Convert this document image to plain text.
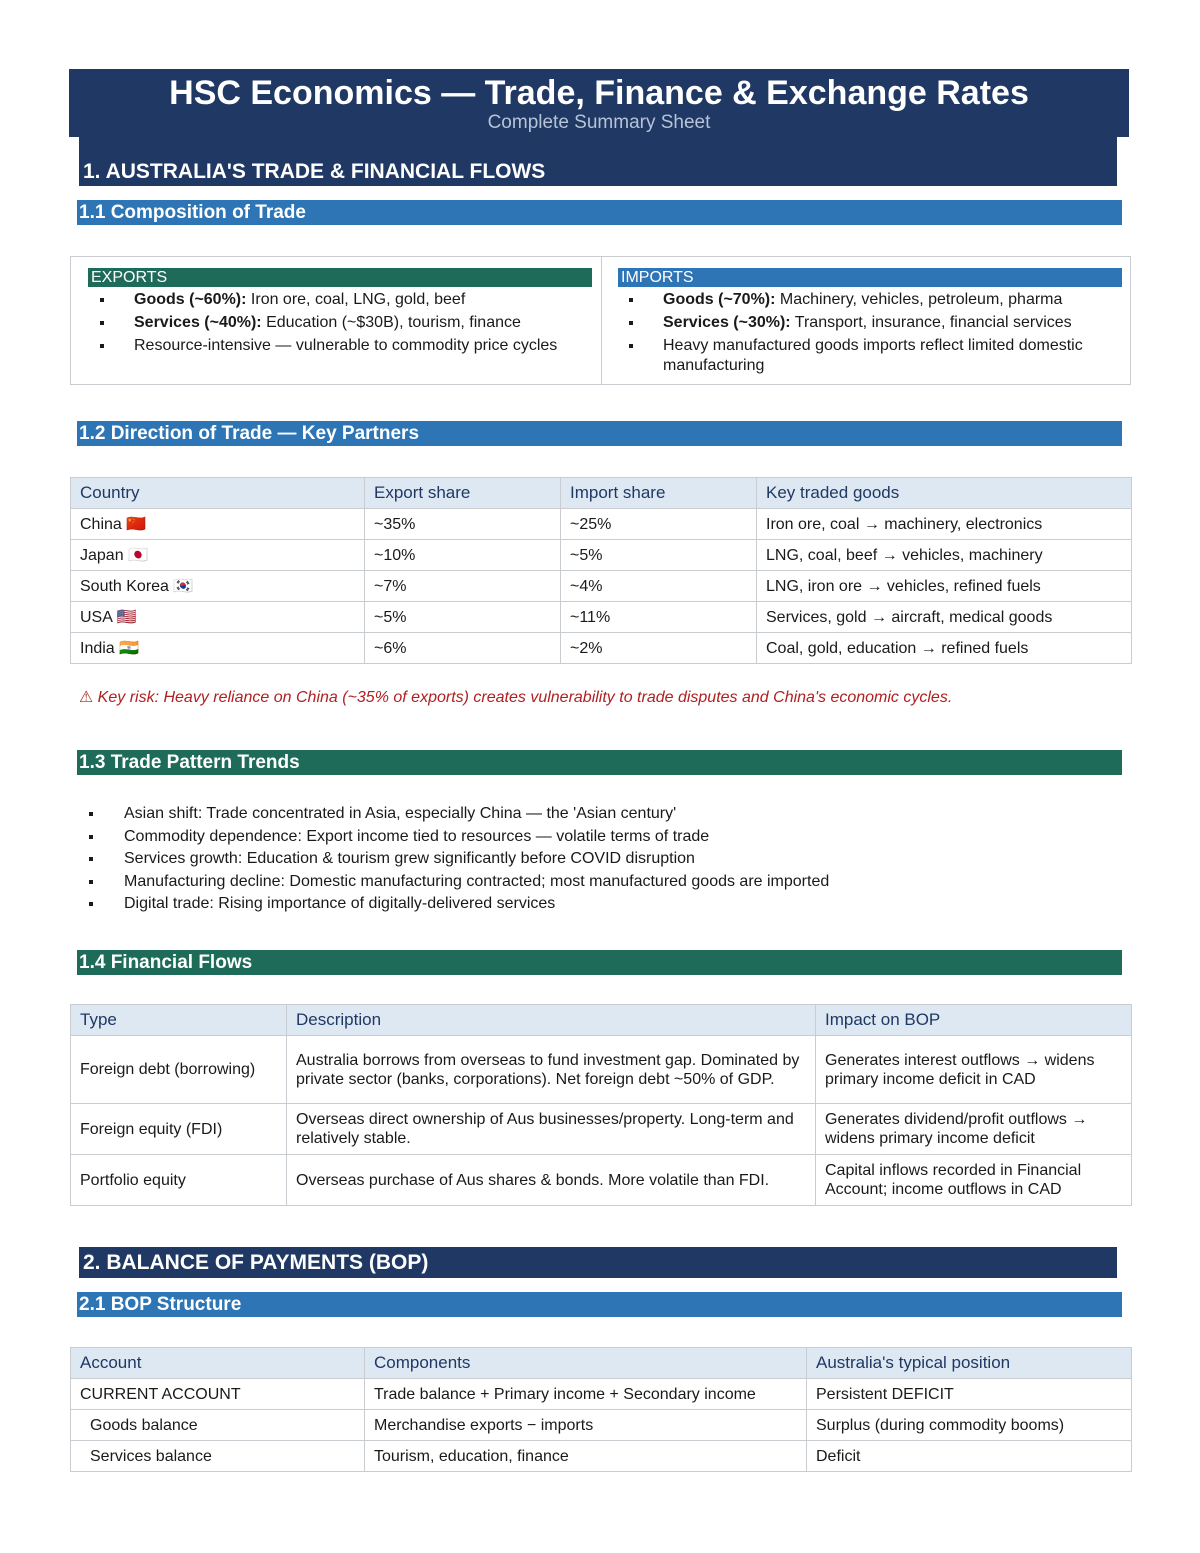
HSC Economics — Trade, Finance & Exchange Rates
Complete Summary Sheet
1. AUSTRALIA'S TRADE & FINANCIAL FLOWS
1.1 Composition of Trade
EXPORTS
Goods (~60%): Iron ore, coal, LNG, gold, beef
Services (~40%): Education (~$30B), tourism, finance
Resource-intensive — vulnerable to commodity price cycles
IMPORTS
Goods (~70%): Machinery, vehicles, petroleum, pharma
Services (~30%): Transport, insurance, financial services
Heavy manufactured goods imports reflect limited domestic manufacturing
1.2 Direction of Trade — Key Partners
Country	Export share	Import share	Key traded goods
China 🇨🇳	~35%	~25%	Iron ore, coal → machinery, electronics
Japan 🇯🇵	~10%	~5%	LNG, coal, beef → vehicles, machinery
South Korea 🇰🇷	~7%	~4%	LNG, iron ore → vehicles, refined fuels
USA 🇺🇸	~5%	~11%	Services, gold → aircraft, medical goods
India 🇮🇳	~6%	~2%	Coal, gold, education → refined fuels
⚠ Key risk: Heavy reliance on China (~35% of exports) creates vulnerability to trade disputes and China's economic cycles.
1.3 Trade Pattern Trends
Asian shift: Trade concentrated in Asia, especially China — the 'Asian century'
Commodity dependence: Export income tied to resources — volatile terms of trade
Services growth: Education & tourism grew significantly before COVID disruption
Manufacturing decline: Domestic manufacturing contracted; most manufactured goods are imported
Digital trade: Rising importance of digitally-delivered services
1.4 Financial Flows
Type	Description	Impact on BOP
Foreign debt (borrowing)	Australia borrows from overseas to fund investment gap. Dominated by private sector (banks, corporations). Net foreign debt ~50% of GDP.	Generates interest outflows → widens primary income deficit in CAD
Foreign equity (FDI)	Overseas direct ownership of Aus businesses/property. Long-term and relatively stable.	Generates dividend/profit outflows → widens primary income deficit
Portfolio equity	Overseas purchase of Aus shares & bonds. More volatile than FDI.	Capital inflows recorded in Financial Account; income outflows in CAD
2. BALANCE OF PAYMENTS (BOP)
2.1 BOP Structure
Account	Components	Australia's typical position
CURRENT ACCOUNT	Trade balance + Primary income + Secondary income	Persistent DEFICIT
Goods balance	Merchandise exports − imports	Surplus (during commodity booms)
Services balance	Tourism, education, finance	Deficit
